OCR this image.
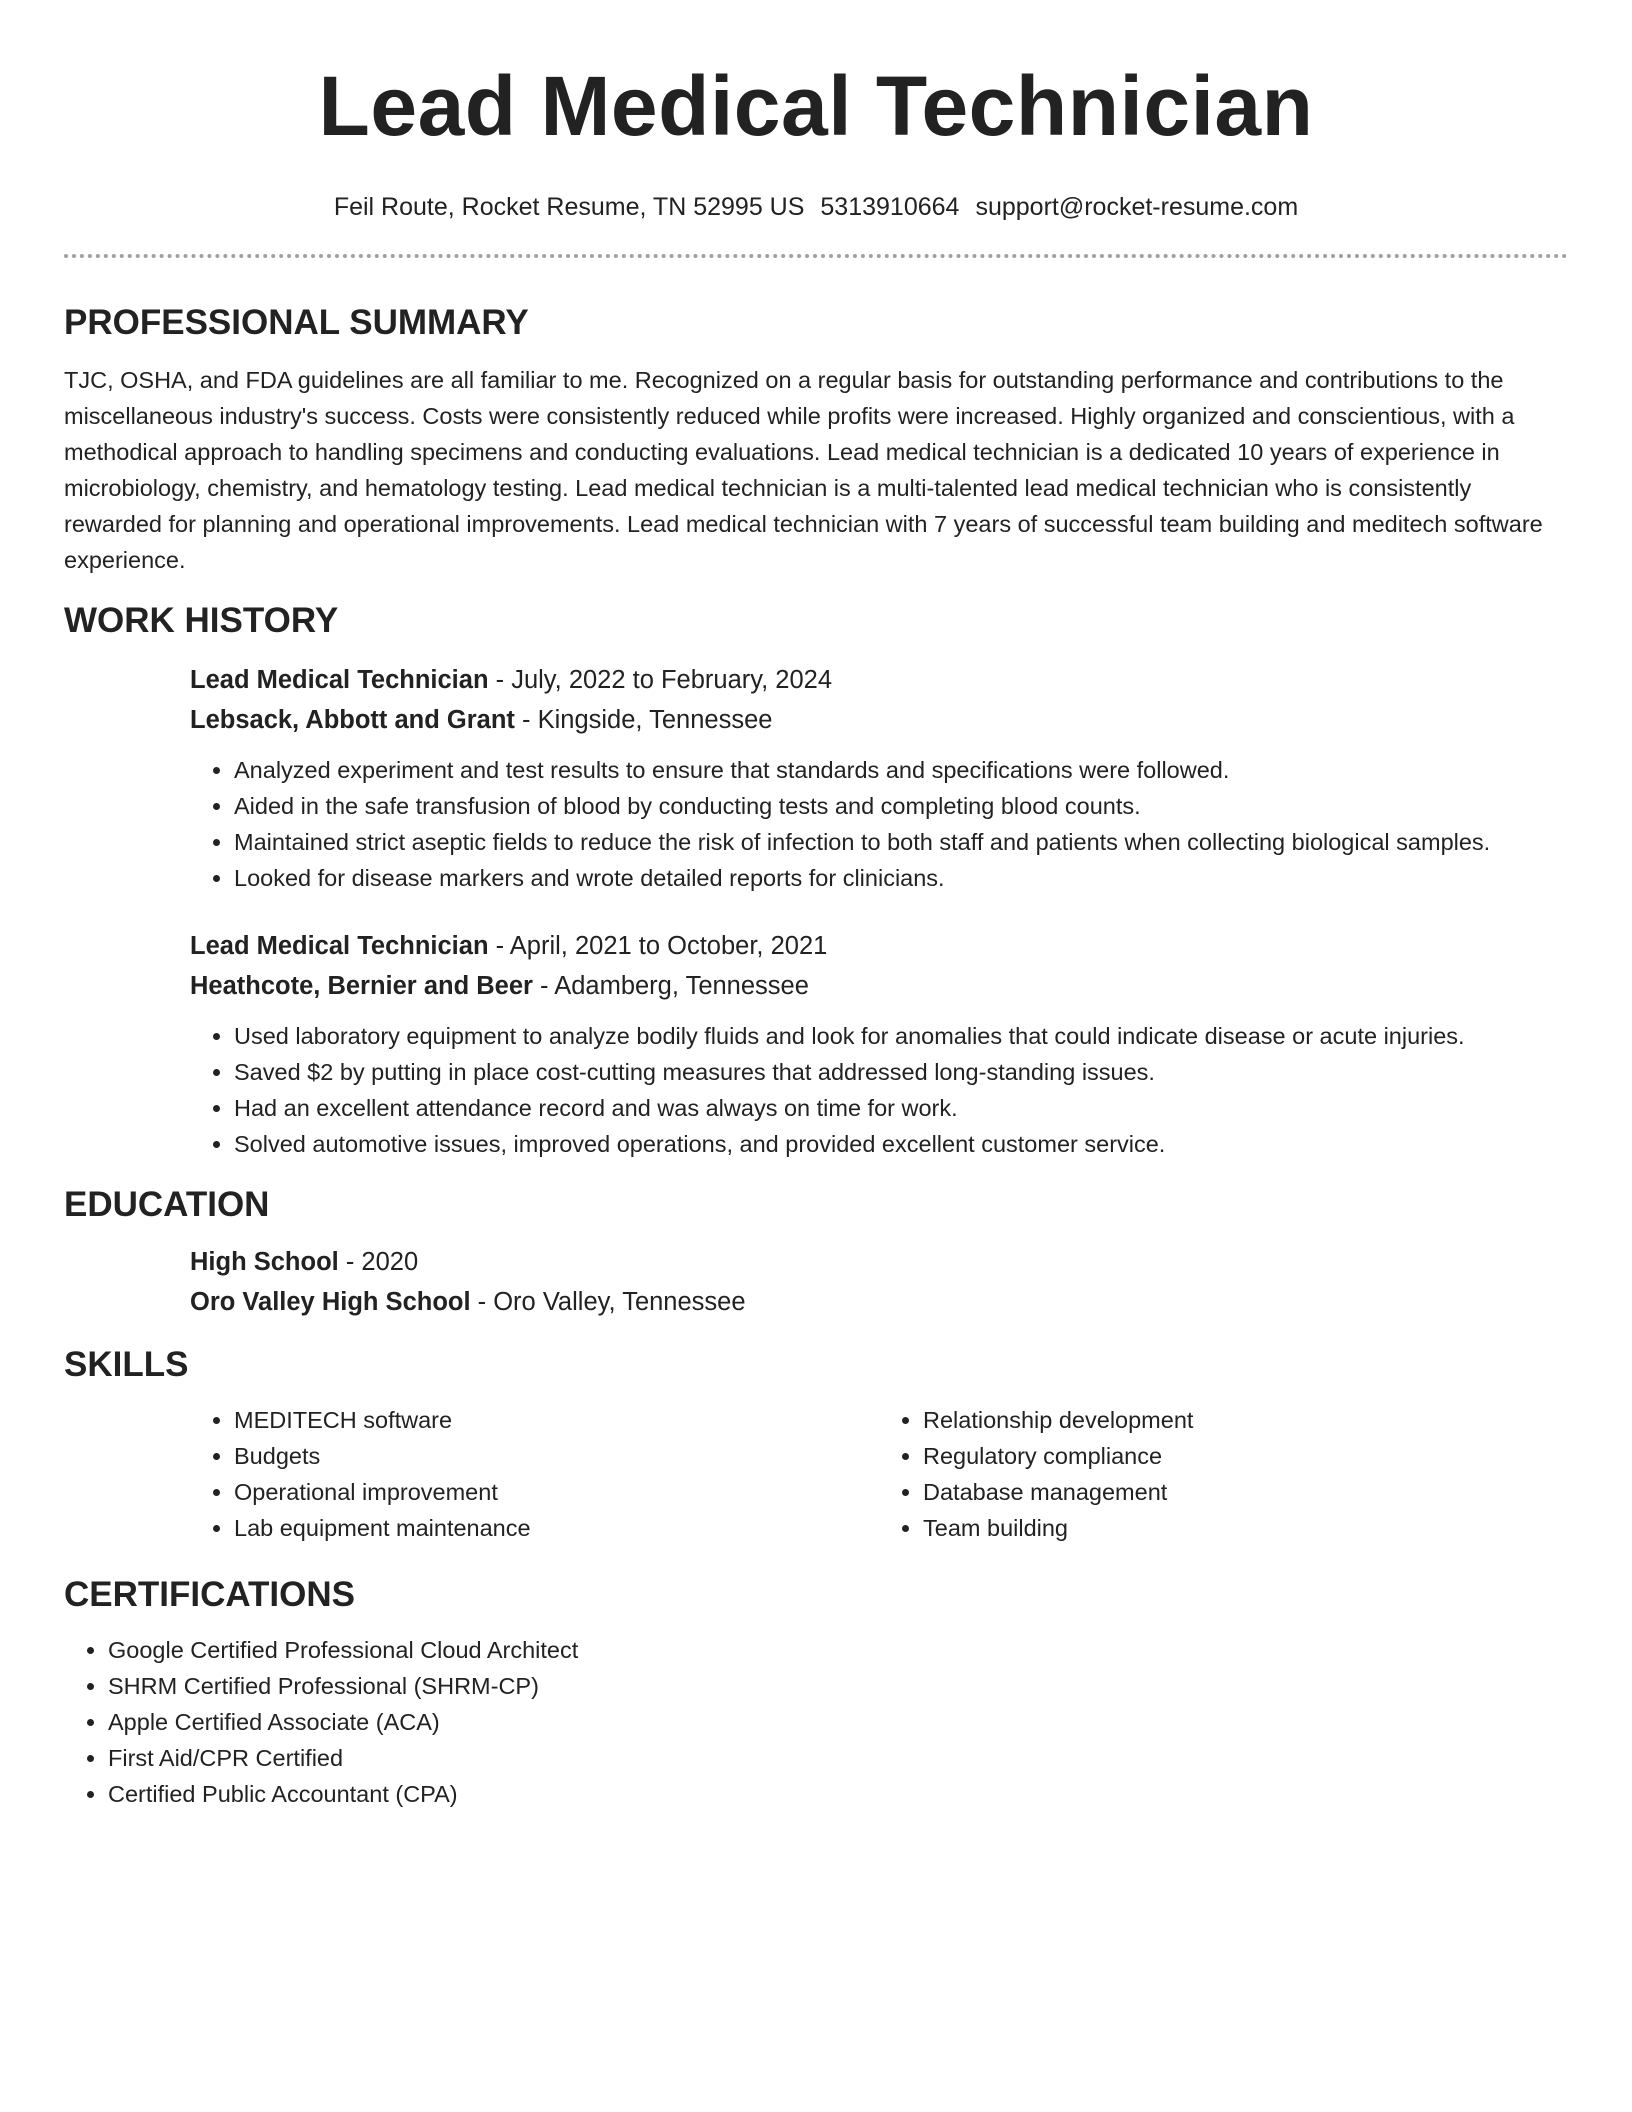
Lead Medical Technician
Feil Route, Rocket Resume, TN 52995 US 5313910664 support@rocket-resume.com
PROFESSIONAL SUMMARY

TJC, OSHA, and FDA guidelines are all familiar to me. Recognized on a regular basis for outstanding performance and contributions to the miscellaneous industry's success. Costs were consistently reduced while profits were increased. Highly organized and conscientious, with a methodical approach to handling specimens and conducting evaluations. Lead medical technician is a dedicated 10 years of experience in microbiology, chemistry, and hematology testing. Lead medical technician is a multi-talented lead medical technician who is consistently rewarded for planning and operational improvements. Lead medical technician with 7 years of successful team building and meditech software experience.

WORK HISTORY
Lead Medical Technician - July, 2022 to February, 2024
Lebsack, Abbott and Grant - Kingside, Tennessee
• Analyzed experiment and test results to ensure that standards and specifications were followed.
• Aided in the safe transfusion of blood by conducting tests and completing blood counts.
• Maintained strict aseptic fields to reduce the risk of infection to both staff and patients when collecting biological samples.
• Looked for disease markers and wrote detailed reports for clinicians.
Lead Medical Technician - April, 2021 to October, 2021
Heathcote, Bernier and Beer - Adamberg, Tennessee
• Used laboratory equipment to analyze bodily fluids and look for anomalies that could indicate disease or acute injuries.
• Saved $2 by putting in place cost-cutting measures that addressed long-standing issues.
• Had an excellent attendance record and was always on time for work.
• Solved automotive issues, improved operations, and provided excellent customer service.
EDUCATION
High School - 2020
Oro Valley High School - Oro Valley, Tennessee
SKILLS
• MEDITECH software
• Budgets
• Operational improvement
• Lab equipment maintenance
• Relationship development
• Regulatory compliance
• Database management
• Team building
CERTIFICATIONS
• Google Certified Professional Cloud Architect
• SHRM Certified Professional (SHRM-CP)
• Apple Certified Associate (ACA)
• First Aid/CPR Certified
• Certified Public Accountant (CPA)
